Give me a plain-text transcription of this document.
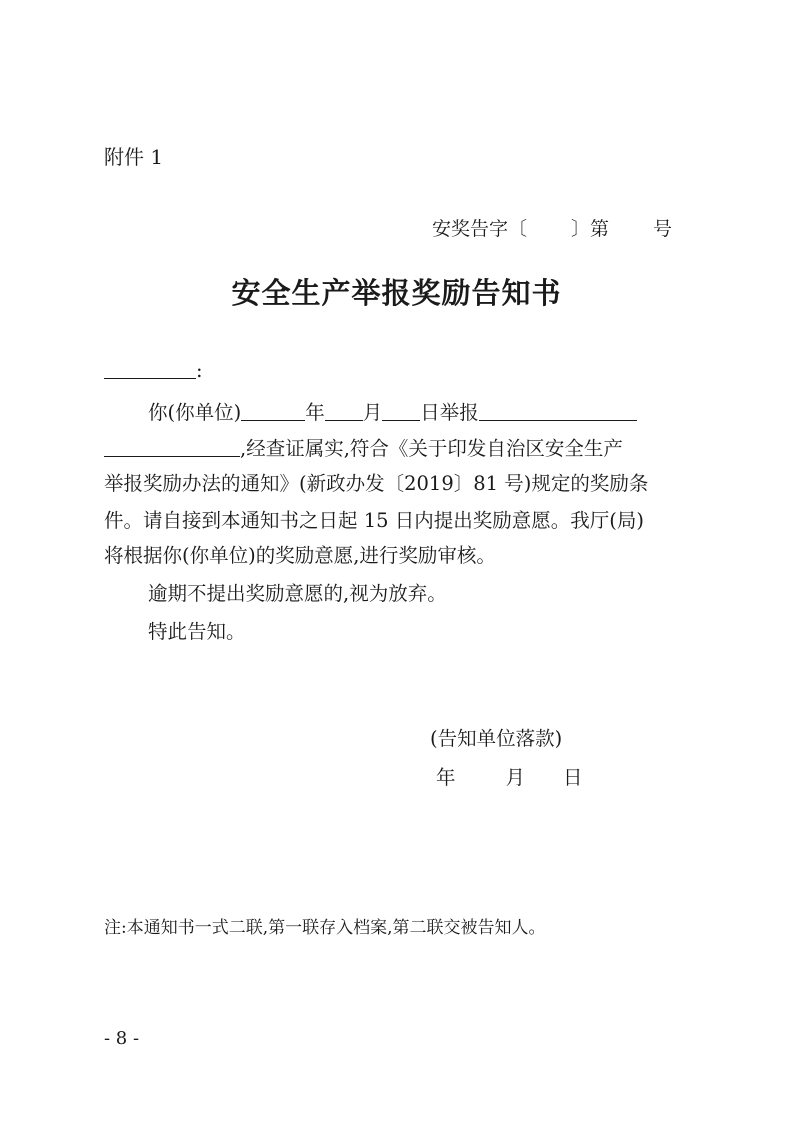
附件 1
安奖告字〔 〕第 号
安全生产举报奖励告知书
:
你(你单位)	年 月 日举报
,经查证属实,符合《关于印发自治区安全生产
举报奖励办法的通知》(新政办发〔2019〕81 号)规定的奖励条
件。请自接到本通知书之日起 15 日内提出奖励意愿。我厅(局)
将根据你(你单位)的奖励意愿,进行奖励审核。
逾期不提出奖励意愿的,视为放弃。
特此告知。
(告知单位落款)
年	月 日
注:本通知书一式二联,第一联存入档案,第二联交被告知人。
- 8 -
